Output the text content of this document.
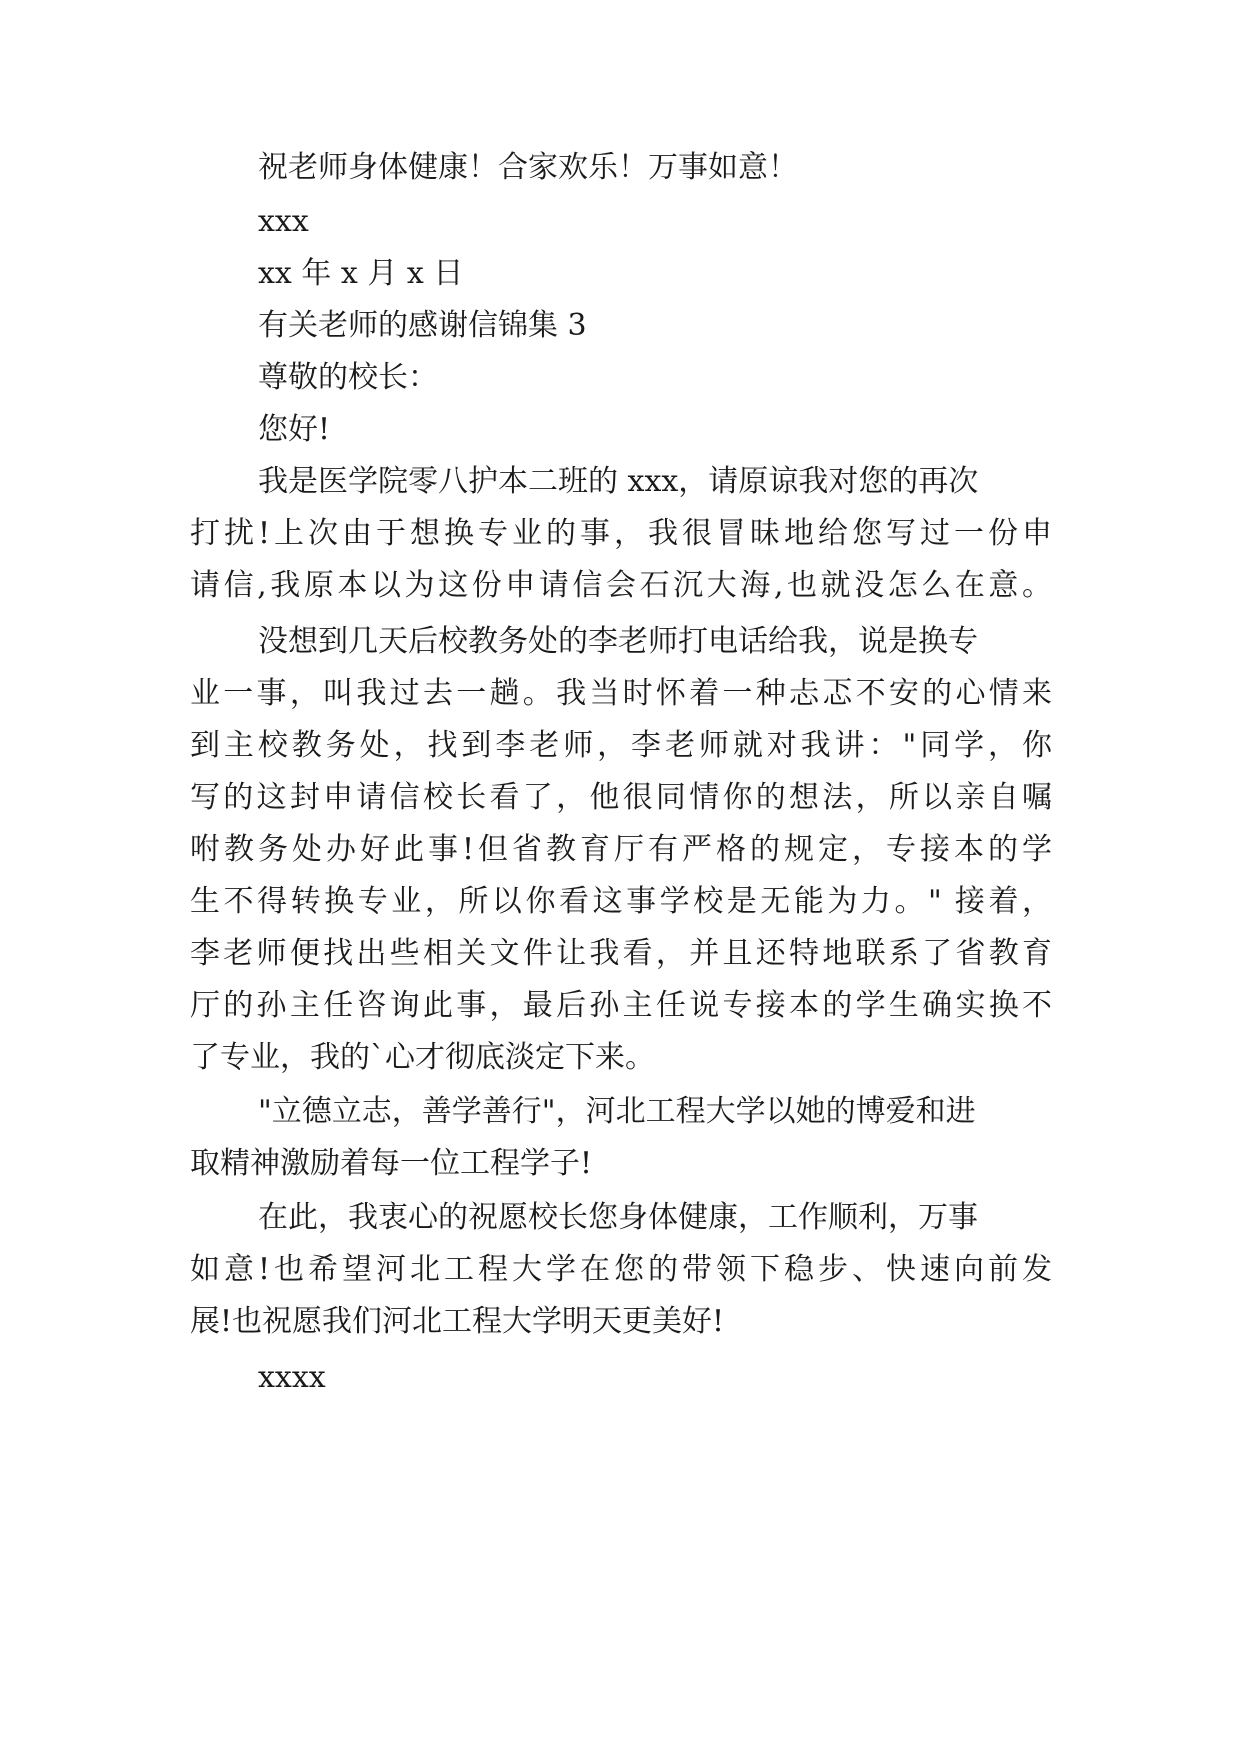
祝老师身体健康！合家欢乐！万事如意！
xxx
xx 年 x 月 x 日
有关老师的感谢信锦集 3
尊敬的校长：
您好!
我是医学院零八护本二班的 xxx，请原谅我对您的再次
打扰!上次由于想换专业的事，我很冒昧地给您写过一份申
请信,我原本以为这份申请信会石沉大海,也就没怎么在意。
没想到几天后校教务处的李老师打电话给我，说是换专
业一事，叫我过去一趟。我当时怀着一种忐忑不安的心情来
到主校教务处，找到李老师，李老师就对我讲："同学，你
写的这封申请信校长看了，他很同情你的想法，所以亲自嘱
咐教务处办好此事!但省教育厅有严格的规定，专接本的学
生不得转换专业，所以你看这事学校是无能为力。" 接着，
李老师便找出些相关文件让我看，并且还特地联系了省教育
厅的孙主任咨询此事，最后孙主任说专接本的学生确实换不
了专业，我的`心才彻底淡定下来。
"立德立志，善学善行"，河北工程大学以她的博爱和进
取精神激励着每一位工程学子!
在此，我衷心的祝愿校长您身体健康，工作顺利，万事
如意!也希望河北工程大学在您的带领下稳步、快速向前发
展!也祝愿我们河北工程大学明天更美好!
xxxx
